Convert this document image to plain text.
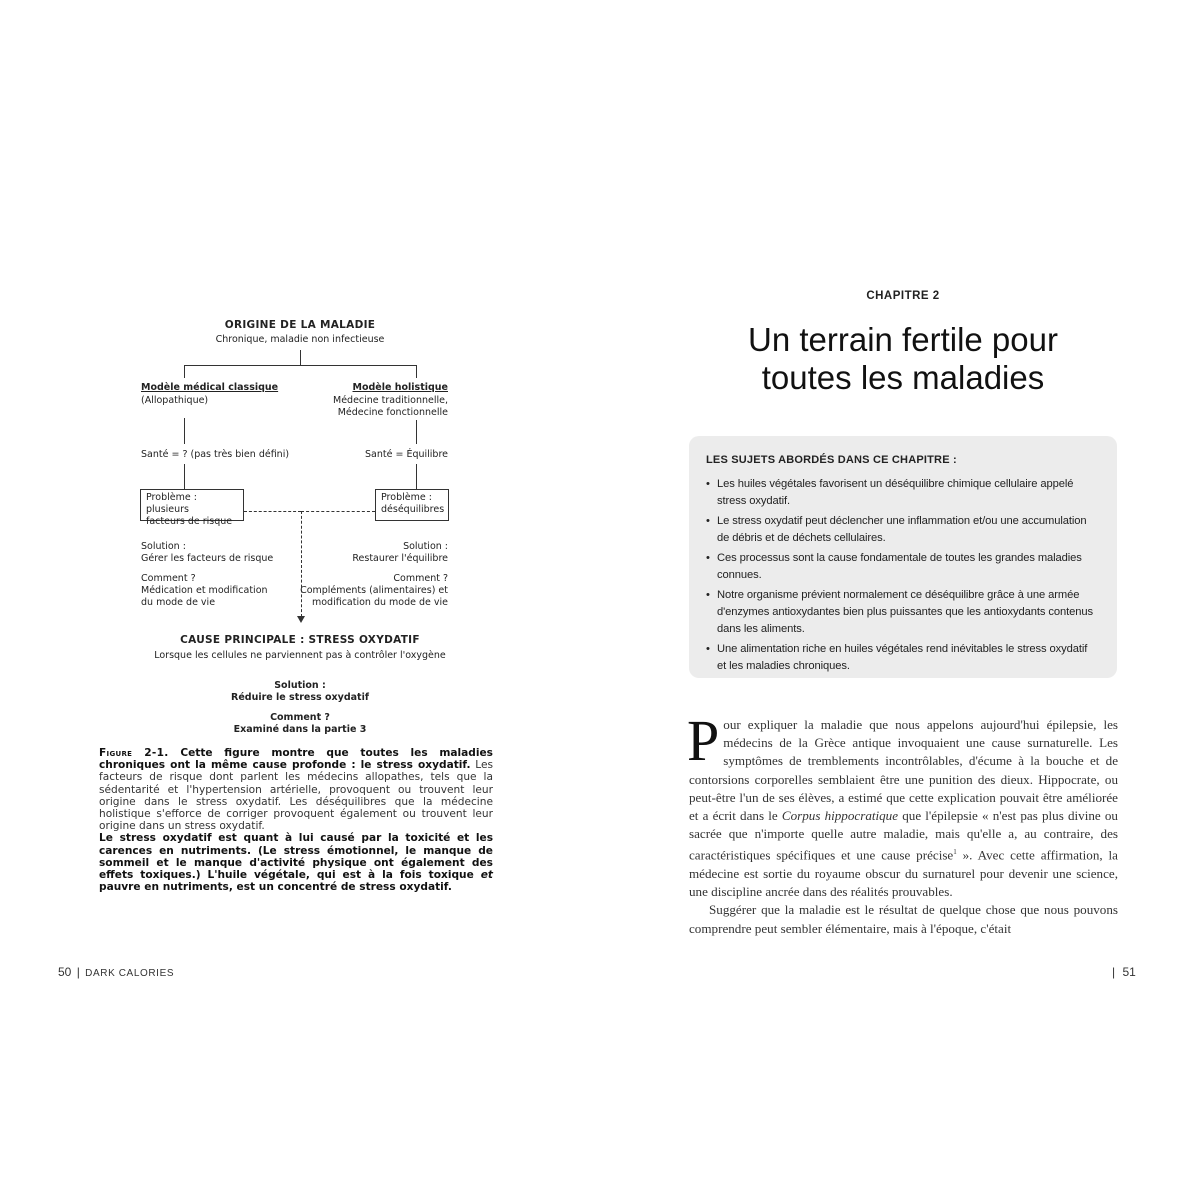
ORIGINE DE LA MALADIE
Chronique, maladie non infectieuse
Modèle médical classique
(Allopathique)
Santé = ? (pas très bien défini)
Problème : plusieurs
facteurs de risque
Solution :
Gérer les facteurs de risque
Comment ?
Médication et modification
du mode de vie
Modèle holistique
Médecine traditionnelle,
Médecine fonctionnelle
Santé = Équilibre
Problème :
déséquilibres
Solution :
Restaurer l'équilibre
Comment ?
Compléments (alimentaires) et
modification du mode de vie
CAUSE PRINCIPALE : STRESS OXYDATIF
Lorsque les cellules ne parviennent pas à contrôler l'oxygène
Solution :
Réduire le stress oxydatif
Comment ?
Examiné dans la partie 3

Figure 2-1. Cette figure montre que toutes les maladies chroniques ont la même cause profonde : le stress oxydatif. Les facteurs de risque dont parlent les médecins allopathes, tels que la sédentarité et l'hypertension artérielle, provoquent ou trouvent leur origine dans le stress oxydatif. Les déséquilibres que la médecine holistique s'efforce de corriger provoquent également ou trouvent leur origine dans un stress oxydatif.

Le stress oxydatif est quant à lui causé par la toxicité et les carences en nutriments. (Le stress émotionnel, le manque de sommeil et le manque d'activité physique ont également des effets toxiques.) L'huile végétale, qui est à la fois toxique et pauvre en nutriments, est un concentré de stress oxydatif.

50 | DARK CALORIES
CHAPITRE 2
Un terrain fertile pour
toutes les maladies
LES SUJETS ABORDÉS DANS CE CHAPITRE :
• Les huiles végétales favorisent un déséquilibre chimique cellulaire appelé stress oxydatif.
• Le stress oxydatif peut déclencher une inflammation et/ou une accumulation de débris et de déchets cellulaires.
• Ces processus sont la cause fondamentale de toutes les grandes maladies connues.
• Notre organisme prévient normalement ce déséquilibre grâce à une armée d'enzymes antioxydantes bien plus puissantes que les antioxydants contenus dans les aliments.
• Une alimentation riche en huiles végétales rend inévitables le stress oxydatif et les maladies chroniques.

Pour expliquer la maladie que nous appelons aujourd'hui épilepsie, les médecins de la Grèce antique invoquaient une cause surnaturelle. Les symptômes de tremblements incontrôlables, d'écume à la bouche et de contorsions corporelles semblaient être une punition des dieux. Hippocrate, ou peut-être l'un de ses élèves, a estimé que cette explication pouvait être améliorée et a écrit dans le Corpus hippocratique que l'épilepsie « n'est pas plus divine ou sacrée que n'importe quelle autre maladie, mais qu'elle a, au contraire, des caractéristiques spécifiques et une cause précise$^1$ ». Avec cette affirmation, la médecine est sortie du royaume obscur du surnaturel pour devenir une science, une discipline ancrée dans des réalités prouvables.

Suggérer que la maladie est le résultat de quelque chose que nous pouvons comprendre peut sembler élémentaire, mais à l'époque, c'était

| 51
